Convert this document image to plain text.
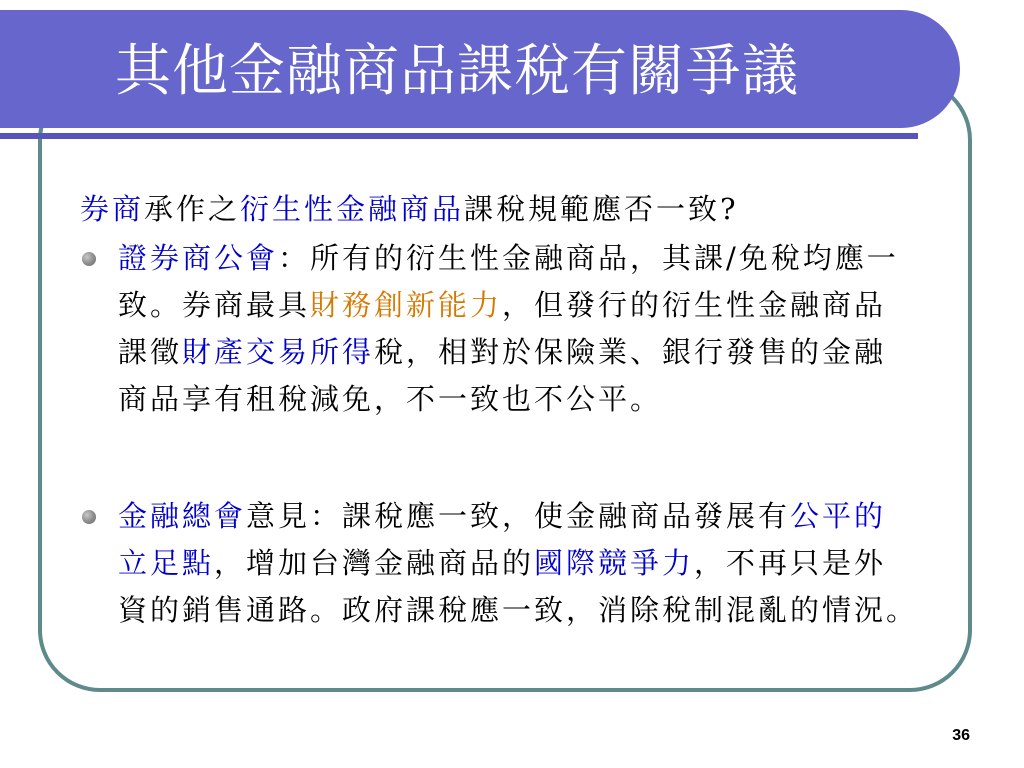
其他金融商品課稅有關爭議
券商承作之衍生性金融商品課稅規範應否一致?
證券商公會：所有的衍生性金融商品，其課/免稅均應一致。券商最具財務創新能力，但發行的衍生性金融商品課徵財產交易所得稅，相對於保險業、銀行發售的金融商品享有租稅減免，不一致也不公平。
金融總會意見：課稅應一致，使金融商品發展有公平的立足點，增加台灣金融商品的國際競爭力，不再只是外資的銷售通路。政府課稅應一致，消除稅制混亂的情況。
36
